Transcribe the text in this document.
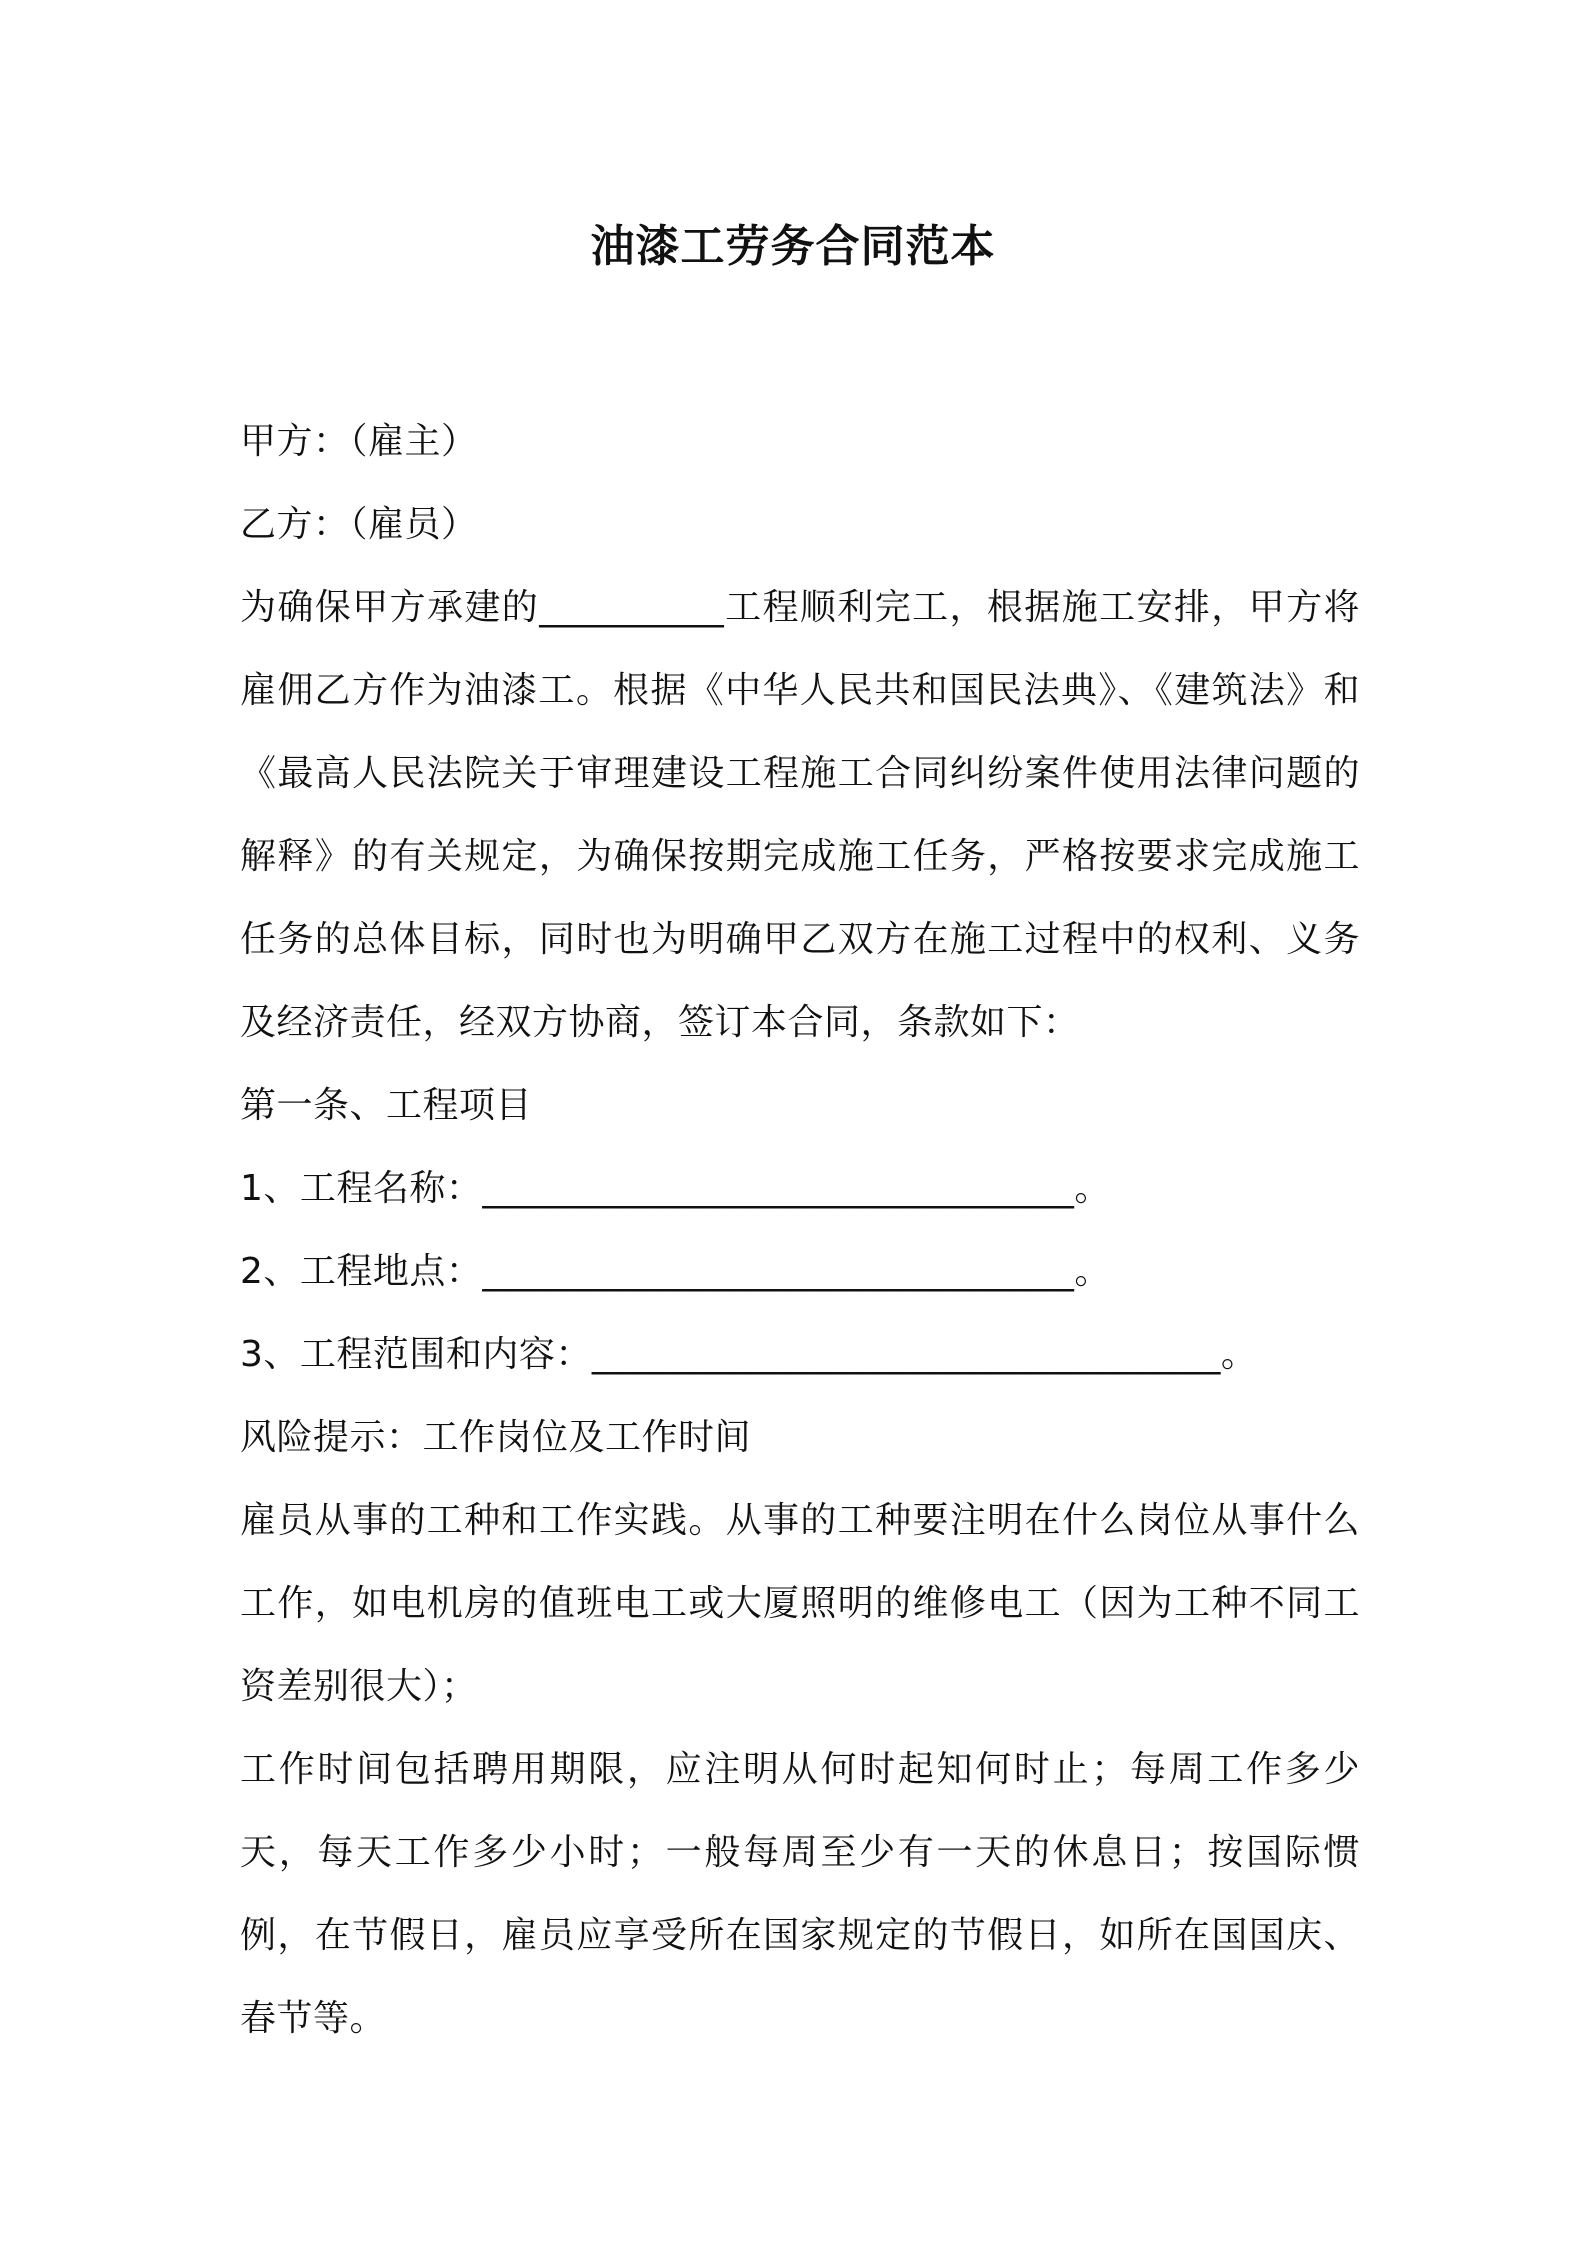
油漆工劳务合同范本

甲方：（雇主）

乙方：（雇员）

为确保甲方承建的__________工程顺利完工，根据施工安排，甲方将雇佣乙方作为油漆工。根据《中华人民共和国民法典》、《建筑法》和《最高人民法院关于审理建设工程施工合同纠纷案件使用法律问题的解释》的有关规定，为确保按期完成施工任务，严格按要求完成施工任务的总体目标，同时也为明确甲乙双方在施工过程中的权利、义务及经济责任，经双方协商，签订本合同，条款如下：

第一条、工程项目

1、工程名称：________________________________。

2、工程地点：________________________________。

3、工程范围和内容：__________________________________。

风险提示：工作岗位及工作时间

雇员从事的工种和工作实践。从事的工种要注明在什么岗位从事什么工作，如电机房的值班电工或大厦照明的维修电工（因为工种不同工资差别很大）；

工作时间包括聘用期限，应注明从何时起知何时止；每周工作多少天，每天工作多少小时；一般每周至少有一天的休息日；按国际惯例，在节假日，雇员应享受所在国家规定的节假日，如所在国国庆、春节等。
